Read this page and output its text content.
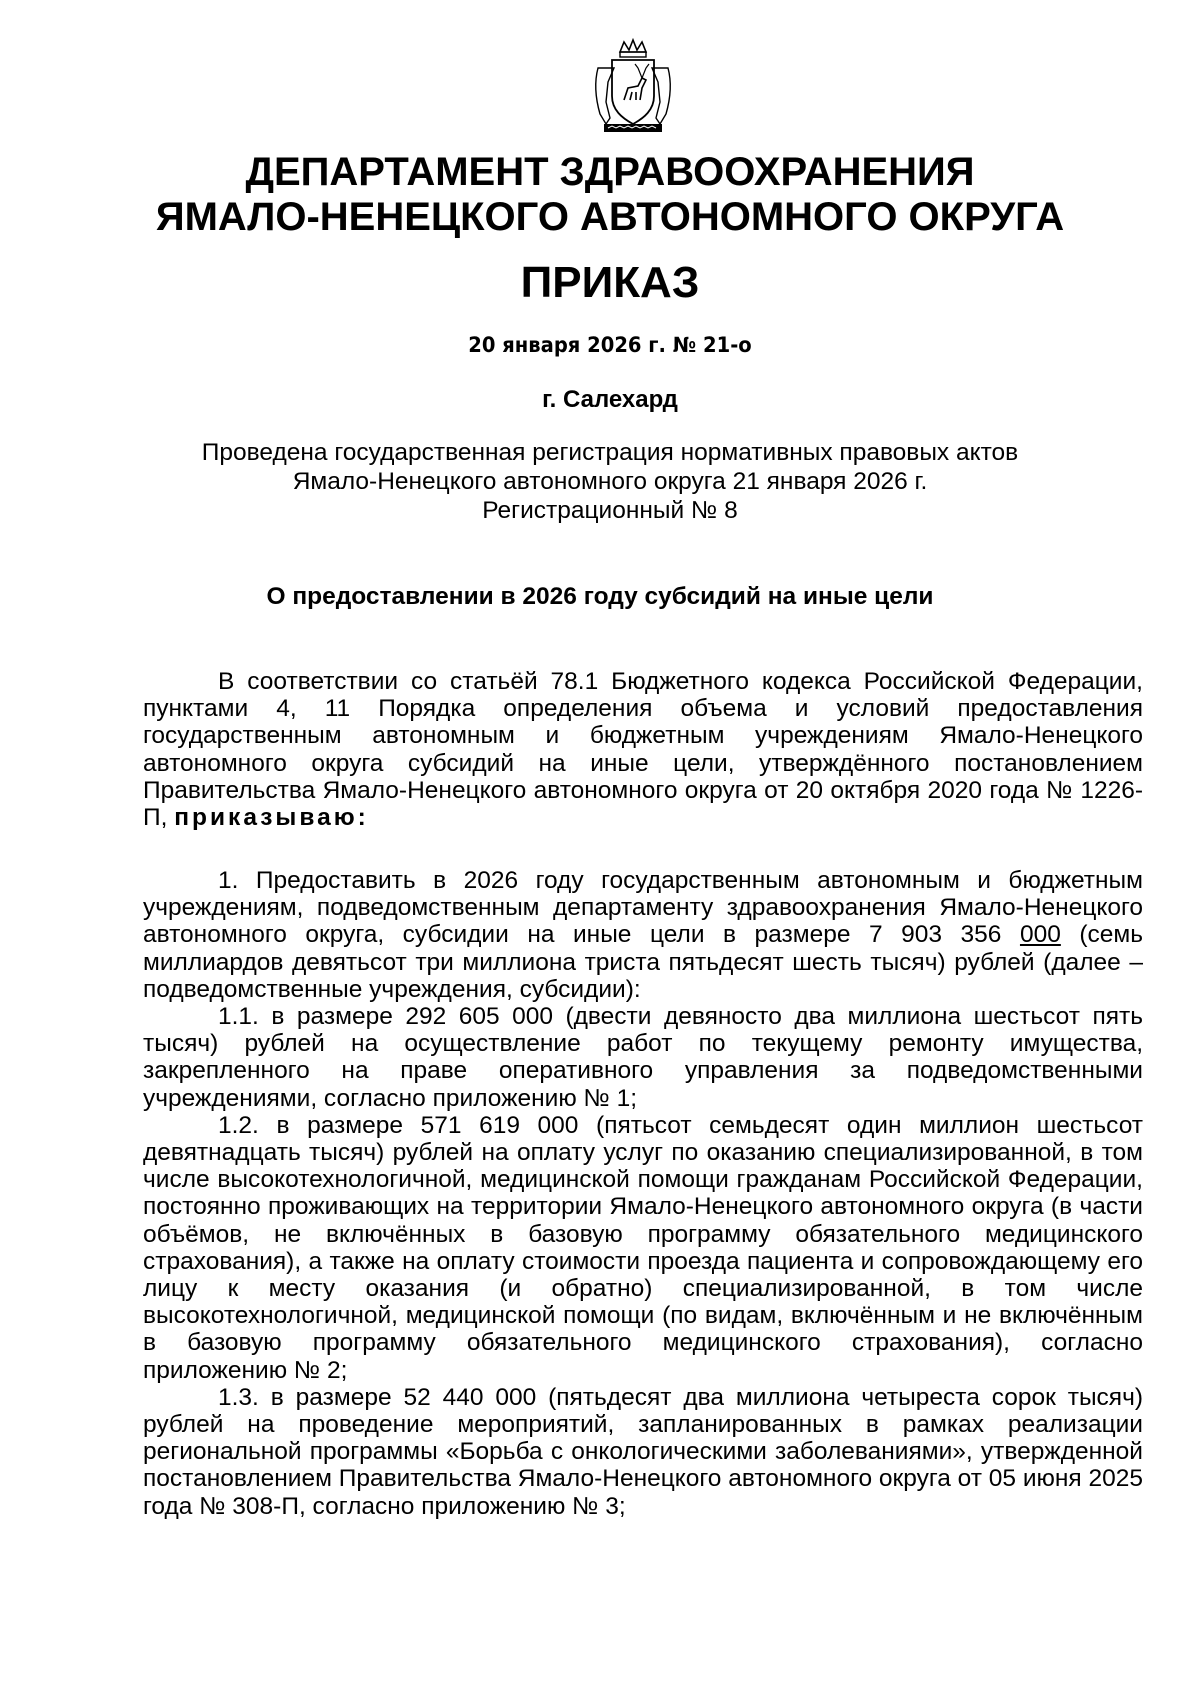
ДЕПАРТАМЕНТ ЗДРАВООХРАНЕНИЯ
ЯМАЛО-НЕНЕЦКОГО АВТОНОМНОГО ОКРУГА
ПРИКАЗ
20 января 2026 г. № 21-о
г. Салехард
Проведена государственная регистрация нормативных правовых актов
Ямало-Ненецкого автономного округа 21 января 2026 г.
Регистрационный № 8
О предоставлении в 2026 году субсидий на иные цели

В соответствии со статьёй 78.1 Бюджетного кодекса Российской Федерации, пунктами 4, 11 Порядка определения объема и условий предоставления государственным автономным и бюджетным учреждениям Ямало-Ненецкого автономного округа субсидий на иные цели, утверждённого постановлением Правительства Ямало-Ненецкого автономного округа от 20 октября 2020 года № 1226-П, приказываю:

1. Предоставить в 2026 году государственным автономным и бюджетным учреждениям, подведомственным департаменту здравоохранения Ямало-Ненецкого автономного округа, субсидии на иные цели в размере 7 903 356 000 (семь миллиардов девятьсот три миллиона триста пятьдесят шесть тысяч) рублей (далее – подведомственные учреждения, субсидии):

1.1. в размере 292 605 000 (двести девяносто два миллиона шестьсот пять тысяч) рублей на осуществление работ по текущему ремонту имущества, закрепленного на праве оперативного управления за подведомственными учреждениями, согласно приложению № 1;

1.2. в размере 571 619 000 (пятьсот семьдесят один миллион шестьсот девятнадцать тысяч) рублей на оплату услуг по оказанию специализированной, в том числе высокотехнологичной, медицинской помощи гражданам Российской Федерации, постоянно проживающих на территории Ямало-Ненецкого автономного округа (в части объёмов, не включённых в базовую программу обязательного медицинского страхования), а также на оплату стоимости проезда пациента и сопровождающему его лицу к месту оказания (и обратно) специализированной, в том числе высокотехнологичной, медицинской помощи (по видам, включённым и не включённым в базовую программу обязательного медицинского страхования), согласно приложению № 2;

1.3. в размере 52 440 000 (пятьдесят два миллиона четыреста сорок тысяч) рублей на проведение мероприятий, запланированных в рамках реализации региональной программы «Борьба с онкологическими заболеваниями», утвержденной постановлением Правительства Ямало-Ненецкого автономного округа от 05 июня 2025 года № 308-П, согласно приложению № 3;
